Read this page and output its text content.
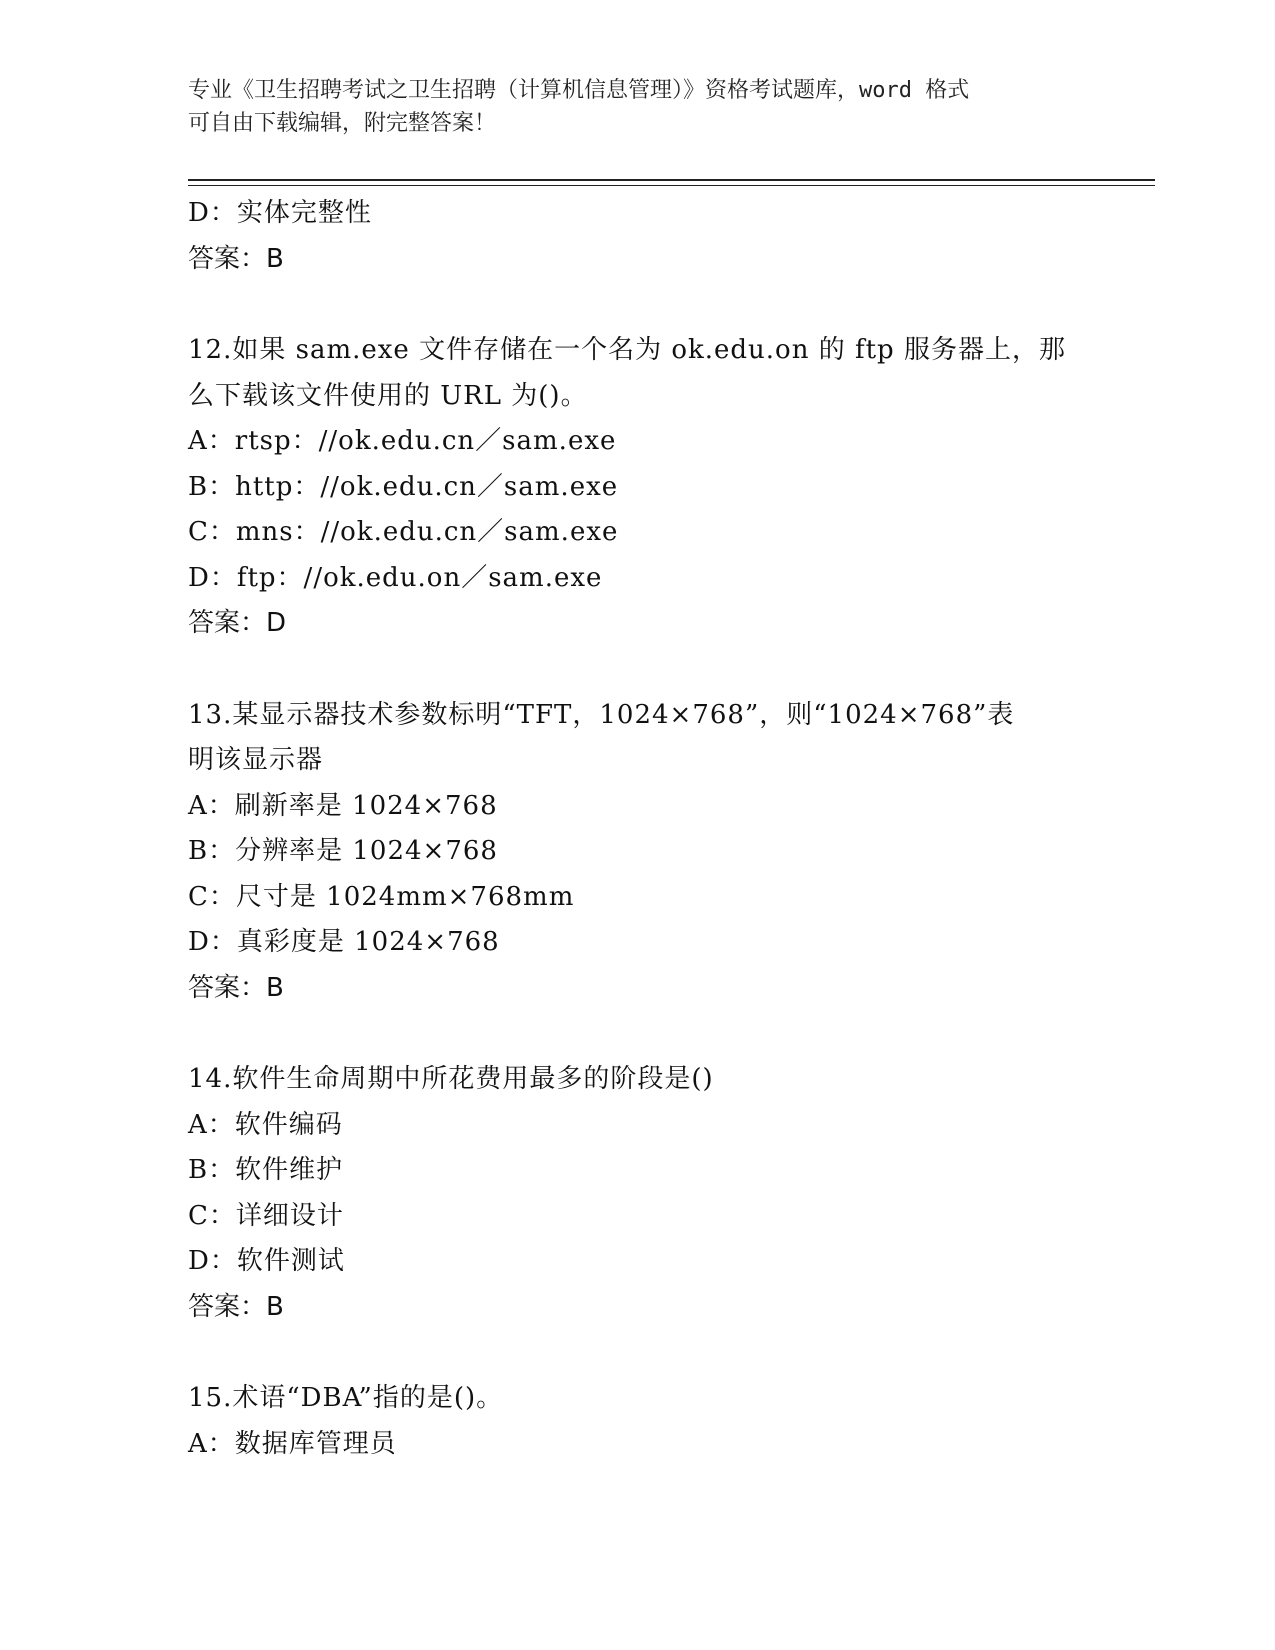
专业《卫生招聘考试之卫生招聘（计算机信息管理）》资格考试题库，word 格式
可自由下载编辑，附完整答案！
D：实体完整性
答案：B
12.如果 sam.exe 文件存储在一个名为 ok.edu.on 的 ftp 服务器上，那
么下载该文件使用的 URL 为()。
A：rtsp：//ok.edu.cn／sam.exe
B：http：//ok.edu.cn／sam.exe
C：mns：//ok.edu.cn／sam.exe
D：ftp：//ok.edu.on／sam.exe
答案：D
13.某显示器技术参数标明“TFT，1024×768”，则“1024×768”表
明该显示器
A：刷新率是 1024×768
B：分辨率是 1024×768
C：尺寸是 1024mm×768mm
D：真彩度是 1024×768
答案：B
14.软件生命周期中所花费用最多的阶段是()
A：软件编码
B：软件维护
C：详细设计
D：软件测试
答案：B
15.术语“DBA”指的是()。
A：数据库管理员
